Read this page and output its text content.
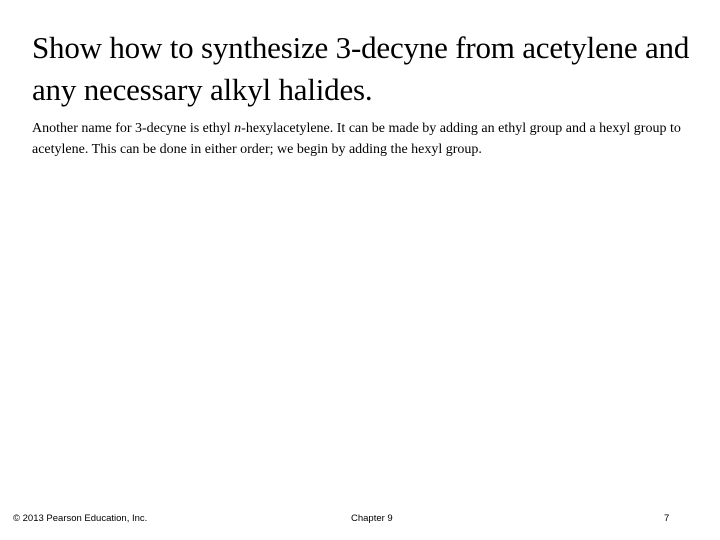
Show how to synthesize 3-decyne from acetylene and any necessary alkyl halides.

Another name for 3-decyne is ethyl n-hexylacetylene. It can be made by adding an ethyl group and a hexyl group to acetylene. This can be done in either order; we begin by adding the hexyl group.

© 2013 Pearson Education, Inc.	Chapter 9	7
